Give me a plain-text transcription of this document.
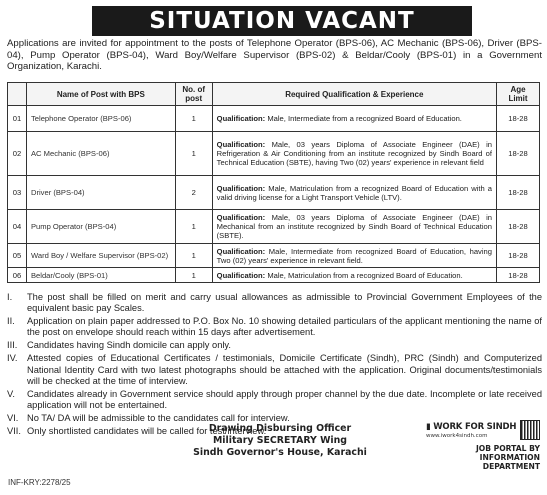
SITUATION VACANT
Applications are invited for appointment to the posts of Telephone Operator (BPS-06), AC Mechanic (BPS-06), Driver (BPS-04), Pump Operator (BPS-04), Ward Boy/Welfare Supervisor (BPS-02) & Beldar/Cooly (BPS-01) in a Government Organization, Karachi.
	Name of Post with BPS	No. of post	Required Qualification & Experience	Age Limit
01	Telephone Operator (BPS-06)	1	Qualification: Male, Intermediate from a recognized Board of Education.	18-28
02	AC Mechanic (BPS-06)	1	Qualification: Male, 03 years Diploma of Associate Engineer (DAE) in Refrigeration & Air Conditioning from an institute recognized by Sindh Board of Technical Education (SBTE), having Two (02) years' experience in relevant field	18-28
03	Driver (BPS-04)	2	Qualification: Male, Matriculation from a recognized Board of Education with a valid driving license for a Light Transport Vehicle (LTV).	18-28
04	Pump Operator (BPS-04)	1	Qualification: Male, 03 years Diploma of Associate Engineer (DAE) in Mechanical from an institute recognized by Sindh Board of Technical Education (SBTE).	18-28
05	Ward Boy / Welfare Supervisor (BPS-02)	1	Qualification: Male, Intermediate from recognized Board of Education, having Two (02) years' experience in relevant field.	18-28
06	Beldar/Cooly (BPS-01)	1	Qualification: Male, Matriculation from a recognized Board of Education.	18-28
I.	The post shall be filled on merit and carry usual allowances as admissible to Provincial Government Employees of the equivalent basic pay Scales.
II.	Application on plain paper addressed to P.O. Box No. 10 showing detailed particulars of the applicant mentioning the name of the post on envelope should reach within 15 days after advertisement.
III.	Candidates having Sindh domicile can apply only.
IV.	Attested copies of Educational Certificates / testimonials, Domicile Certificate (Sindh), PRC (Sindh) and Computerized National Identity Card with two latest photographs should be attached with the application. Original documents/testimonials will be checked at the time of interview.
V.	Candidates already in Government service should apply through proper channel by the due date. Incomplete or late received application will not be entertained.
VI. No TA/ DA will be admissible to the candidates call for interview.
VII. Only shortlisted candidates will be called for test/interview.
Drawing Disbursing Officer
Military SECRETARY Wing
Sindh Governor's House, Karachi
INF-KRY:2278/25
▮ WORK FOR SINDH
www.iwork4sindh.com
JOB PORTAL BY
INFORMATION DEPARTMENT
